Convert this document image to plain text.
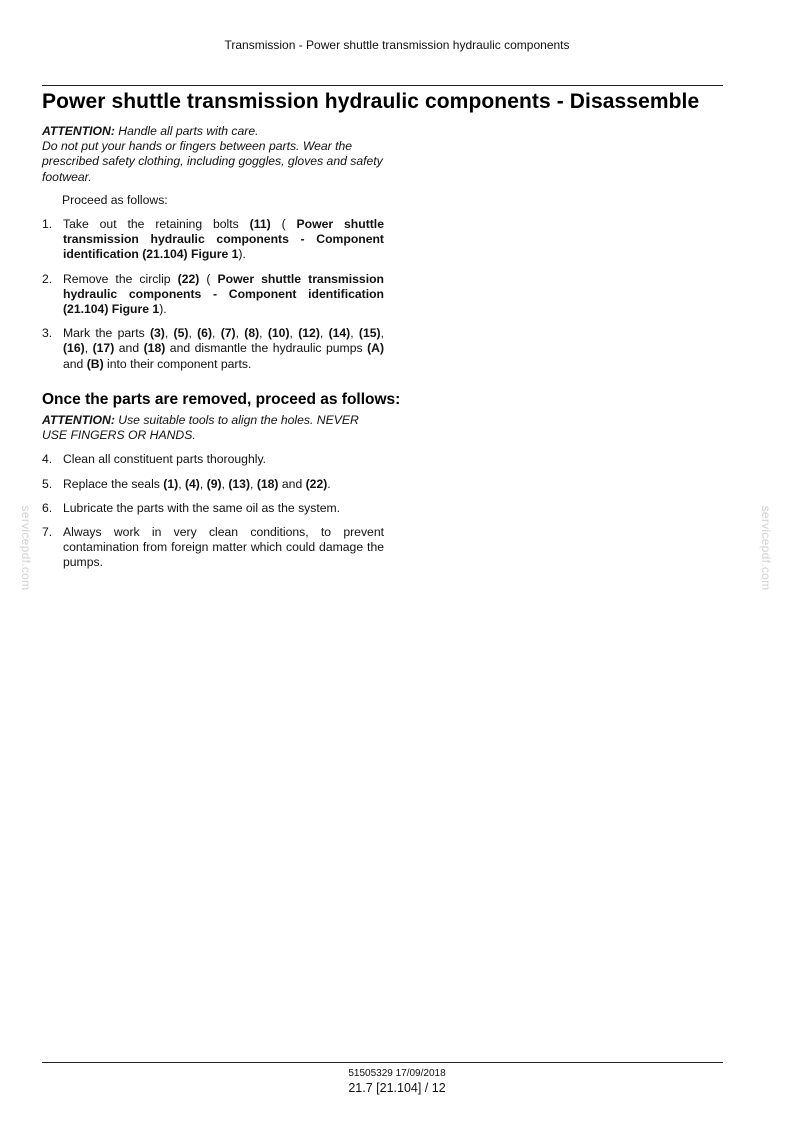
Transmission - Power shuttle transmission hydraulic components
Power shuttle transmission hydraulic components - Disassemble

ATTENTION: Handle all parts with care.
Do not put your hands or fingers between parts. Wear the prescribed safety clothing, including goggles, gloves and safety footwear.

Proceed as follows:

1. Take out the retaining bolts (11) ( Power shuttle transmission hydraulic components - Component identification (21.104) Figure 1).
2. Remove the circlip (22) ( Power shuttle transmission hydraulic components - Component identification (21.104) Figure 1).
3. Mark the parts (3), (5), (6), (7), (8), (10), (12), (14), (15), (16), (17) and (18) and dismantle the hydraulic pumps (A) and (B) into their component parts.
Once the parts are removed, proceed as follows:

ATTENTION: Use suitable tools to align the holes. NEVER USE FINGERS OR HANDS.

4. Clean all constituent parts thoroughly.
5. Replace the seals (1), (4), (9), (13), (18) and (22).
6. Lubricate the parts with the same oil as the system.
7. Always work in very clean conditions, to prevent contamination from foreign matter which could damage the pumps.
servicepdf.com	servicepdf.com
51505329 17/09/2018
21.7 [21.104] / 12
